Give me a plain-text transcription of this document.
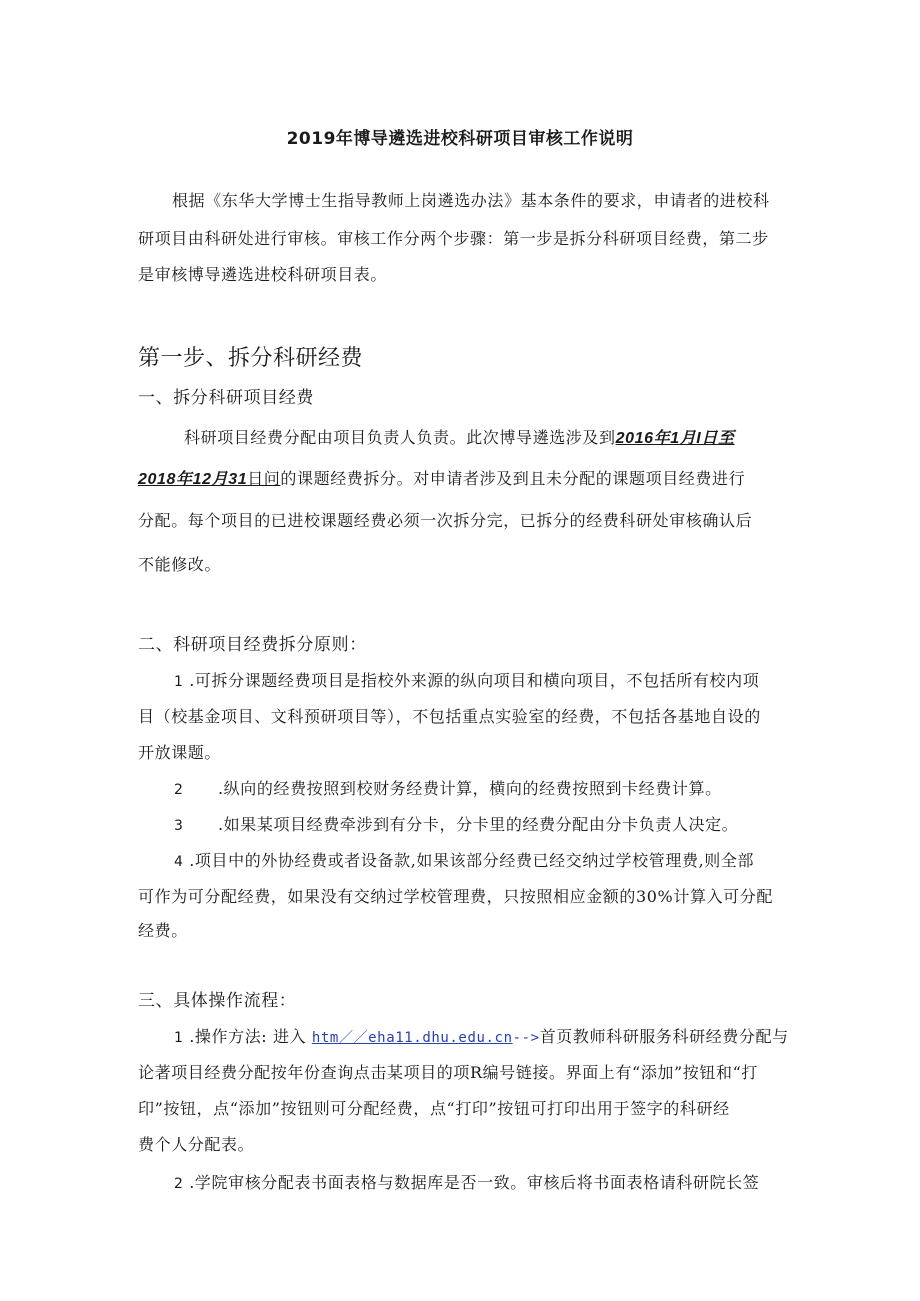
2019年博导遴选进校科研项目审核工作说明
根据《东华大学博士生指导教师上岗遴选办法》基本条件的要求，申请者的进校科
研项目由科研处进行审核。审核工作分两个步骤：第一步是拆分科研项目经费，第二步
是审核博导遴选进校科研项目表。
第一步、拆分科研经费
一、拆分科研项目经费
科研项目经费分配由项目负责人负责。此次博导遴选涉及到2016年1月I日至
2018年12月31日问的课题经费拆分。对申请者涉及到且未分配的课题项目经费进行
分配。每个项目的已进校课题经费必须一次拆分完，已拆分的经费科研处审核确认后
不能修改。
二、科研项目经费拆分原则：
1 .可拆分课题经费项目是指校外来源的纵向项目和横向项目，不包括所有校内项
目（校基金项目、文科预研项目等），不包括重点实验室的经费，不包括各基地自设的
开放课题。
2 .纵向的经费按照到校财务经费计算，横向的经费按照到卡经费计算。
3 .如果某项目经费牵涉到有分卡，分卡里的经费分配由分卡负责人决定。
4 .项目中的外协经费或者设备款,如果该部分经费已经交纳过学校管理费,则全部
可作为可分配经费，如果没有交纳过学校管理费，只按照相应金额的30%计算入可分配
经费。
三、具体操作流程：
1 .操作方法: 进入 htm／／eha11.dhu.edu.cn-->首页教师科研服务科研经费分配与
论著项目经费分配按年份查询点击某项目的项R编号链接。界面上有“添加”按钮和“打
印”按钮，点“添加”按钮则可分配经费，点“打印”按钮可打印出用于签字的科研经
费个人分配表。
2 .学院审核分配表书面表格与数据库是否一致。审核后将书面表格请科研院长签
